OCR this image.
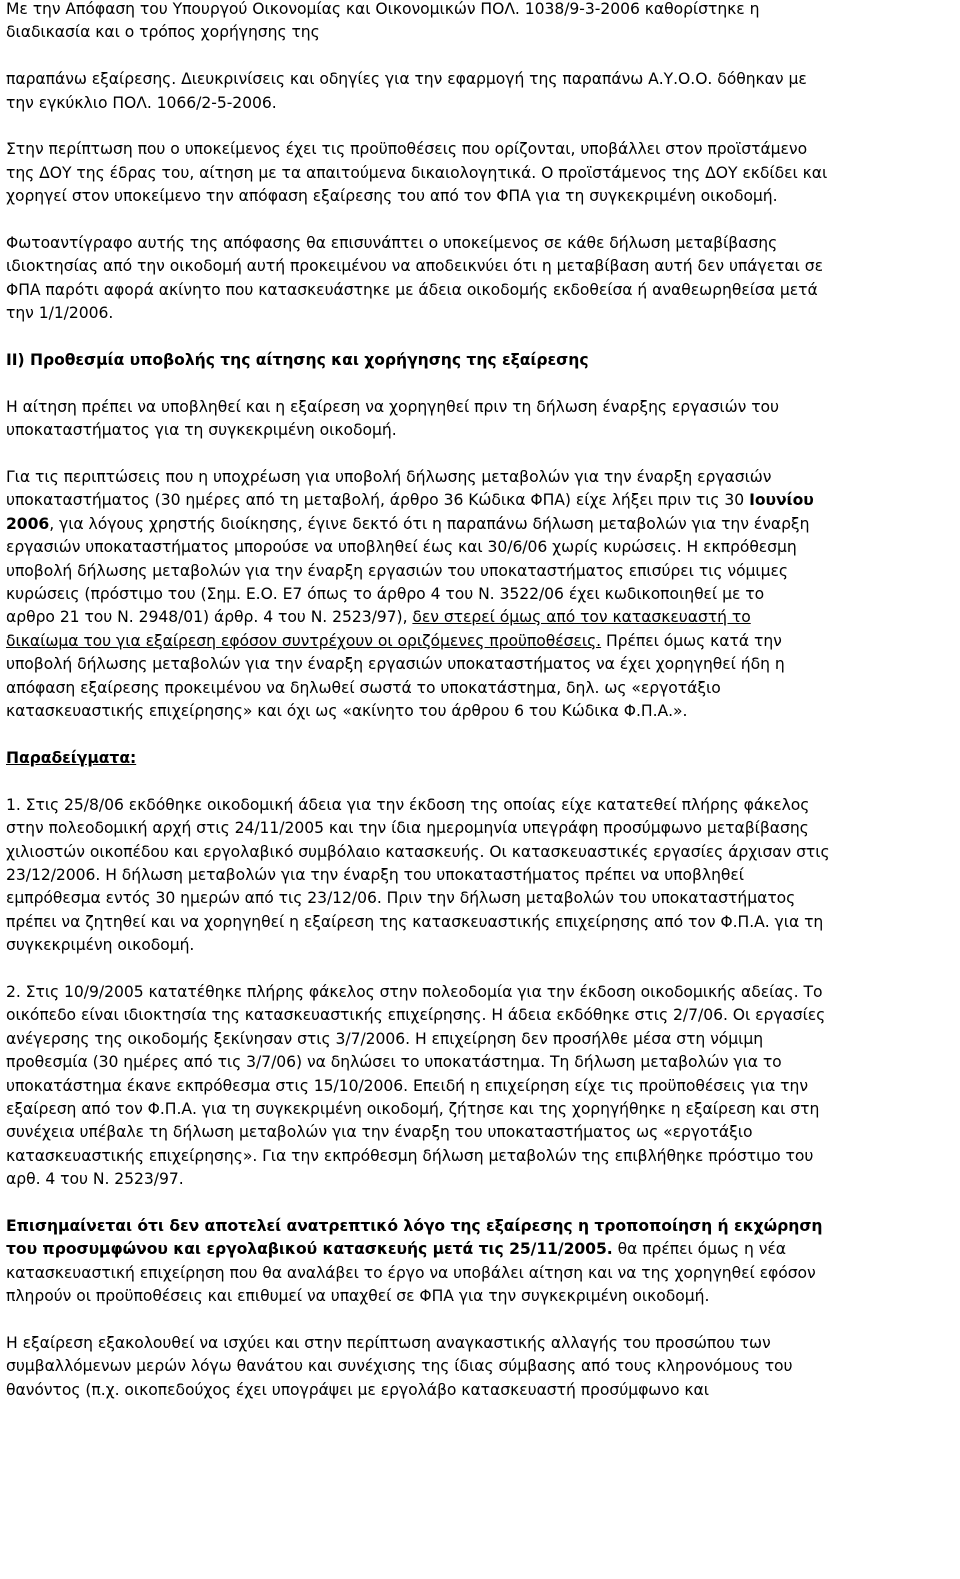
Με την Απόφαση του Υπουργού Οικονομίας και Οικονομικών ΠΟΛ. 1038/9-3-2006 καθορίστηκε η
διαδικασία και ο τρόπος χορήγησης της

παραπάνω εξαίρεσης. Διευκρινίσεις και οδηγίες για την εφαρμογή της παραπάνω Α.Υ.Ο.Ο. δόθηκαν με
την εγκύκλιο ΠΟΛ. 1066/2-5-2006.

Στην περίπτωση που ο υποκείμενος έχει τις προϋποθέσεις που ορίζονται, υποβάλλει στον προϊστάμενο
της ΔΟΥ της έδρας του, αίτηση με τα απαιτούμενα δικαιολογητικά. Ο προϊστάμενος της ΔΟΥ εκδίδει και
χορηγεί στον υποκείμενο την απόφαση εξαίρεσης του από τον ΦΠΑ για τη συγκεκριμένη οικοδομή.

Φωτοαντίγραφο αυτής της απόφασης θα επισυνάπτει ο υποκείμενος σε κάθε δήλωση μεταβίβασης
ιδιοκτησίας από την οικοδομή αυτή προκειμένου να αποδεικνύει ότι η μεταβίβαση αυτή δεν υπάγεται σε
ΦΠΑ παρότι αφορά ακίνητο που κατασκευάστηκε με άδεια οικοδομής εκδοθείσα ή αναθεωρηθείσα μετά
την 1/1/2006.

ΙΙ) Προθεσμία υποβολής της αίτησης και χορήγησης της εξαίρεσης

Η αίτηση πρέπει να υποβληθεί και η εξαίρεση να χορηγηθεί πριν τη δήλωση έναρξης εργασιών του
υποκαταστήματος για τη συγκεκριμένη οικοδομή.

Για τις περιπτώσεις που η υποχρέωση για υποβολή δήλωσης μεταβολών για την έναρξη εργασιών
υποκαταστήματος (30 ημέρες από τη μεταβολή, άρθρο 36 Κώδικα ΦΠΑ) είχε λήξει πριν τις 30 Ιουνίου
2006, για λόγους χρηστής διοίκησης, έγινε δεκτό ότι η παραπάνω δήλωση μεταβολών για την έναρξη
εργασιών υποκαταστήματος μπορούσε να υποβληθεί έως και 30/6/06 χωρίς κυρώσεις. Η εκπρόθεσμη
υποβολή δήλωσης μεταβολών για την έναρξη εργασιών του υποκαταστήματος επισύρει τις νόμιμες
κυρώσεις (πρόστιμο του (Σημ. Ε.Ο. Ε7 όπως το άρθρο 4 του Ν. 3522/06 έχει κωδικοποιηθεί με το
αρθρο 21 του Ν. 2948/01) άρθρ. 4 του Ν. 2523/97), δεν στερεί όμως από τον κατασκευαστή το
δικαίωμα του για εξαίρεση εφόσον συντρέχουν οι οριζόμενες προϋποθέσεις. Πρέπει όμως κατά την
υποβολή δήλωσης μεταβολών για την έναρξη εργασιών υποκαταστήματος να έχει χορηγηθεί ήδη η
απόφαση εξαίρεσης προκειμένου να δηλωθεί σωστά το υποκατάστημα, δηλ. ως «εργοτάξιο
κατασκευαστικής επιχείρησης» και όχι ως «ακίνητο του άρθρου 6 του Κώδικα Φ.Π.Α.».

Παραδείγματα:

1. Στις 25/8/06 εκδόθηκε οικοδομική άδεια για την έκδοση της οποίας είχε κατατεθεί πλήρης φάκελος
στην πολεοδομική αρχή στις 24/11/2005 και την ίδια ημερομηνία υπεγράφη προσύμφωνο μεταβίβασης
χιλιοστών οικοπέδου και εργολαβικό συμβόλαιο κατασκευής. Οι κατασκευαστικές εργασίες άρχισαν στις
23/12/2006. Η δήλωση μεταβολών για την έναρξη του υποκαταστήματος πρέπει να υποβληθεί
εμπρόθεσμα εντός 30 ημερών από τις 23/12/06. Πριν την δήλωση μεταβολών του υποκαταστήματος
πρέπει να ζητηθεί και να χορηγηθεί η εξαίρεση της κατασκευαστικής επιχείρησης από τον Φ.Π.Α. για τη
συγκεκριμένη οικοδομή.

2. Στις 10/9/2005 κατατέθηκε πλήρης φάκελος στην πολεοδομία για την έκδοση οικοδομικής αδείας. Το
οικόπεδο είναι ιδιοκτησία της κατασκευαστικής επιχείρησης. Η άδεια εκδόθηκε στις 2/7/06. Οι εργασίες
ανέγερσης της οικοδομής ξεκίνησαν στις 3/7/2006. Η επιχείρηση δεν προσήλθε μέσα στη νόμιμη
προθεσμία (30 ημέρες από τις 3/7/06) να δηλώσει το υποκατάστημα. Τη δήλωση μεταβολών για το
υποκατάστημα έκανε εκπρόθεσμα στις 15/10/2006. Επειδή η επιχείρηση είχε τις προϋποθέσεις για την
εξαίρεση από τον Φ.Π.Α. για τη συγκεκριμένη οικοδομή, ζήτησε και της χορηγήθηκε η εξαίρεση και στη
συνέχεια υπέβαλε τη δήλωση μεταβολών για την έναρξη του υποκαταστήματος ως «εργοτάξιο
κατασκευαστικής επιχείρησης». Για την εκπρόθεσμη δήλωση μεταβολών της επιβλήθηκε πρόστιμο του
αρθ. 4 του Ν. 2523/97.

Επισημαίνεται ότι δεν αποτελεί ανατρεπτικό λόγο της εξαίρεσης η τροποποίηση ή εκχώρηση
του προσυμφώνου και εργολαβικού κατασκευής μετά τις 25/11/2005. θα πρέπει όμως η νέα
κατασκευαστική επιχείρηση που θα αναλάβει το έργο να υποβάλει αίτηση και να της χορηγηθεί εφόσον
πληρούν οι προϋποθέσεις και επιθυμεί να υπαχθεί σε ΦΠΑ για την συγκεκριμένη οικοδομή.

Η εξαίρεση εξακολουθεί να ισχύει και στην περίπτωση αναγκαστικής αλλαγής του προσώπου των
συμβαλλόμενων μερών λόγω θανάτου και συνέχισης της ίδιας σύμβασης από τους κληρονόμους του
θανόντος (π.χ. οικοπεδούχος έχει υπογράψει με εργολάβο κατασκευαστή προσύμφωνο και
